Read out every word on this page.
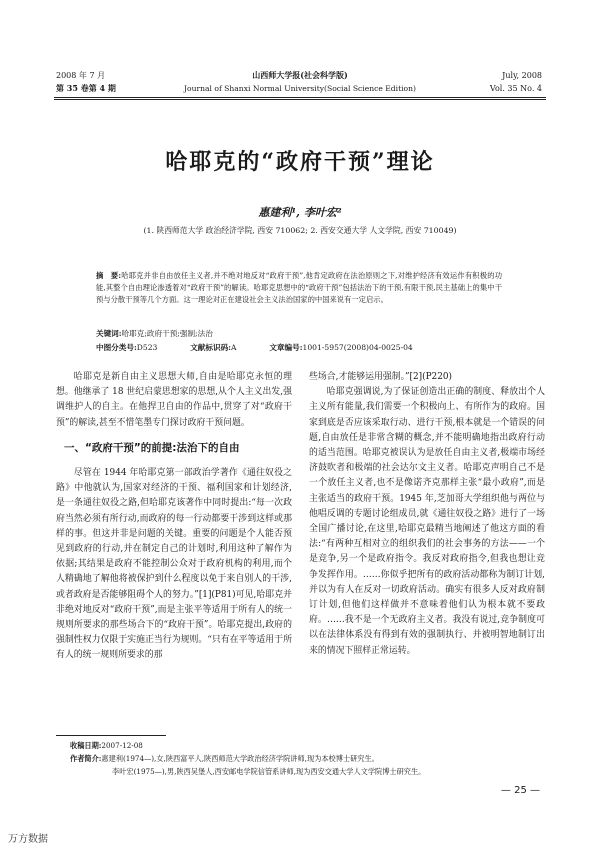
2008 年 7 月
第 35 卷第 4 期
山西师大学报(社会科学版)
Journal of Shanxi Normal University(Social Science Edition)
July, 2008
Vol. 35 No. 4
哈耶克的“政府干预”理论
惠建利¹, 李叶宏²
(1. 陕西师范大学 政治经济学院, 西安 710062; 2. 西安交通大学 人文学院, 西安 710049)
摘　要:哈耶克并非自由放任主义者,并不绝对地反对“政府干预”,他肯定政府在法治原则之下,对维护经济有效运作有积极的功能,其整个自由理论渗透着对“政府干预”的解读。哈耶克思想中的“政府干预”包括法治下的干预,有限干预,民主基础上的集中干预与分散干预等几个方面。这一理论对正在建设社会主义法治国家的中国来说有一定启示。
关键词:哈耶克;政府干预;强制;法治
中图分类号:D523	文献标识码:A	文章编号:1001-5957(2008)04-0025-04

哈耶克是新自由主义思想大师,自由是哈耶克永恒的理想。他继承了 18 世纪启蒙思想家的思想,从个人主义出发,强调维护人的自主。在他捍卫自由的作品中,贯穿了对“政府干预”的解读,甚至不惜笔墨专门探讨政府干预问题。

一、“政府干预”的前提:法治下的自由

尽管在 1944 年哈耶克第一部政治学著作《通往奴役之路》中他就认为,国家对经济的干预、福利国家和计划经济,是一条通往奴役之路,但哈耶克该著作中同时提出:“每一次政府当然必须有所行动,而政府的每一行动都要干涉到这样或那样的事。但这并非是问题的关键。重要的问题是个人能否预见到政府的行动,并在制定自己的计划时,利用这种了解作为依据;其结果是政府不能控制公众对于政府机构的利用,而个人精确地了解他将被保护到什么程度以免于来自别人的干涉,或者政府是否能够阻碍个人的努力。”[1](P81)可见,哈耶克并非绝对地反对“政府干预”,而是主张平等适用于所有人的统一规则所要求的那些场合下的“政府干预”。哈耶克提出,政府的强制性权力仅限于实施正当行为规则。“只有在平等适用于所有人的统一规则所要求的那

些场合,才能够运用强制。”[2](P220)

哈耶克强调说,为了保证创造出正确的制度、释放出个人主义所有能量,我们需要一个积极向上、有所作为的政府。国家到底是否应该采取行动、进行干预,根本就是一个错误的问题,自由放任是非常含糊的概念,并不能明确地指出政府行动的适当范围。哈耶克被误认为是放任自由主义者,极端市场经济鼓吹者和极端的社会达尔文主义者。哈耶克声明自己不是一个放任主义者,也不是像诺齐克那样主张“最小政府”,而是主张适当的政府干预。1945 年,芝加哥大学组织他与两位与他唱反调的专题讨论组成员,就《通往奴役之路》进行了一场全国广播讨论,在这里,哈耶克最精当地阐述了他这方面的看法:“有两种互相对立的组织我们的社会事务的方法——一个是竞争,另一个是政府指令。我反对政府指令,但我也想让竞争发挥作用。……你似乎把所有的政府活动都称为制订计划,并以为有人在反对一切政府活动。确实有很多人反对政府制订计划,但他们这样做并不意味着他们认为根本就不要政府。……我不是一个无政府主义者。我没有说过,竞争制度可以在法律体系没有得到有效的强制执行、并被明智地制订出来的情况下照样正常运转。

收稿日期:2007-12-08
作者简介:惠建利(1974—),女,陕西富平人,陕西师范大学政治经济学院讲师,现为本校博士研究生。
李叶宏(1975—),男,陕西吴堡人,西安邮电学院信管系讲师,现为西安交通大学人文学院博士研究生。
— 25 —
万方数据
